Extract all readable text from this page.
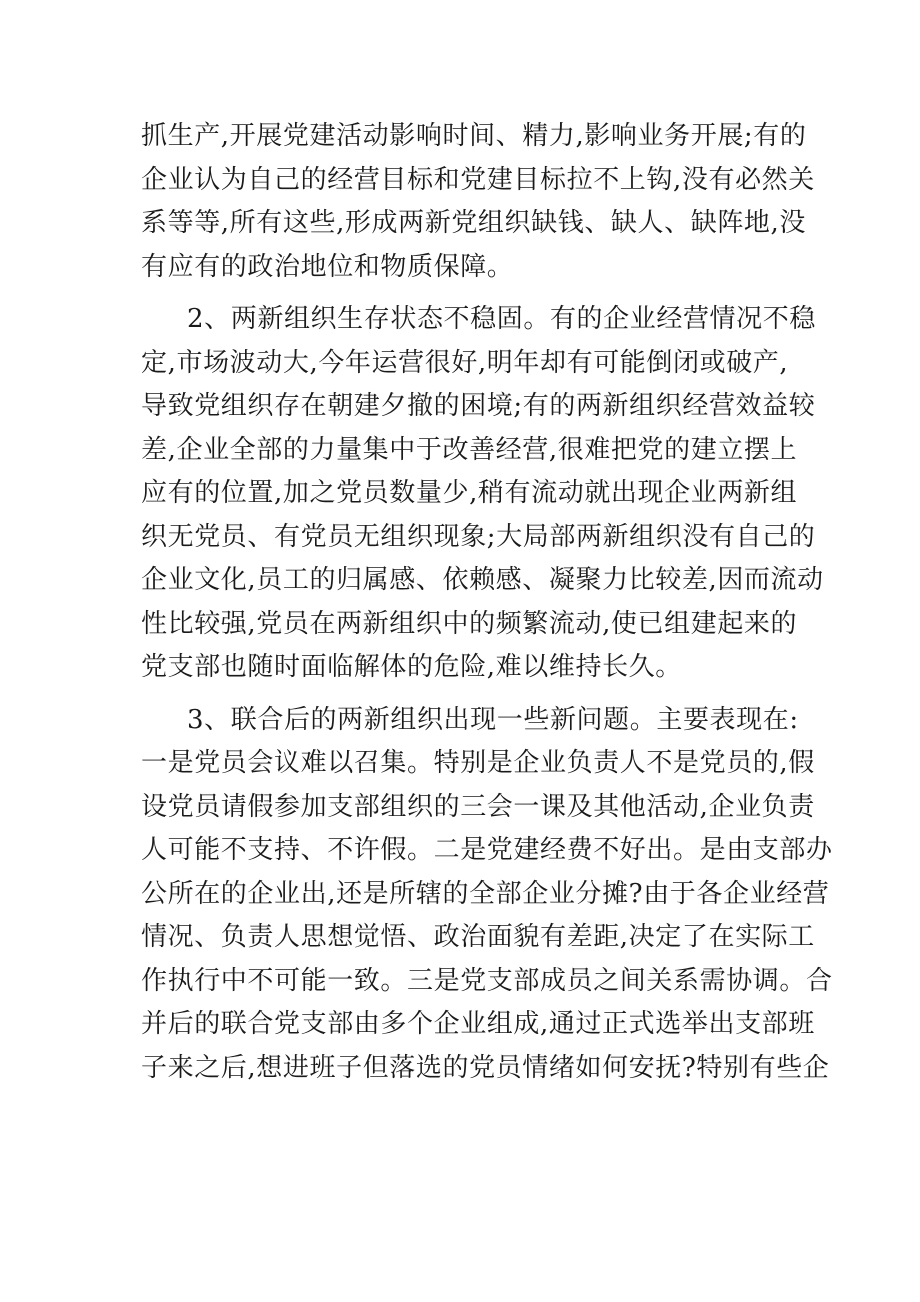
抓生产,开展党建活动影响时间、精力,影响业务开展;有的
企业认为自己的经营目标和党建目标拉不上钩,没有必然关
系等等,所有这些,形成两新党组织缺钱、缺人、缺阵地,没
有应有的政治地位和物质保障。
2、两新组织生存状态不稳固。有的企业经营情况不稳
定,市场波动大,今年运营很好,明年却有可能倒闭或破产,
导致党组织存在朝建夕撤的困境;有的两新组织经营效益较
差,企业全部的力量集中于改善经营,很难把党的建立摆上
应有的位置,加之党员数量少,稍有流动就出现企业两新组
织无党员、有党员无组织现象;大局部两新组织没有自己的
企业文化,员工的归属感、依赖感、凝聚力比较差,因而流动
性比较强,党员在两新组织中的频繁流动,使已组建起来的
党支部也随时面临解体的危险,难以维持长久。
3、联合后的两新组织出现一些新问题。主要表现在:
一是党员会议难以召集。特别是企业负责人不是党员的,假
设党员请假参加支部组织的三会一课及其他活动,企业负责
人可能不支持、不许假。二是党建经费不好出。是由支部办
公所在的企业出,还是所辖的全部企业分摊?由于各企业经营
情况、负责人思想觉悟、政治面貌有差距,决定了在实际工
作执行中不可能一致。三是党支部成员之间关系需协调。合
并后的联合党支部由多个企业组成,通过正式选举出支部班
子来之后,想进班子但落选的党员情绪如何安抚?特别有些企
